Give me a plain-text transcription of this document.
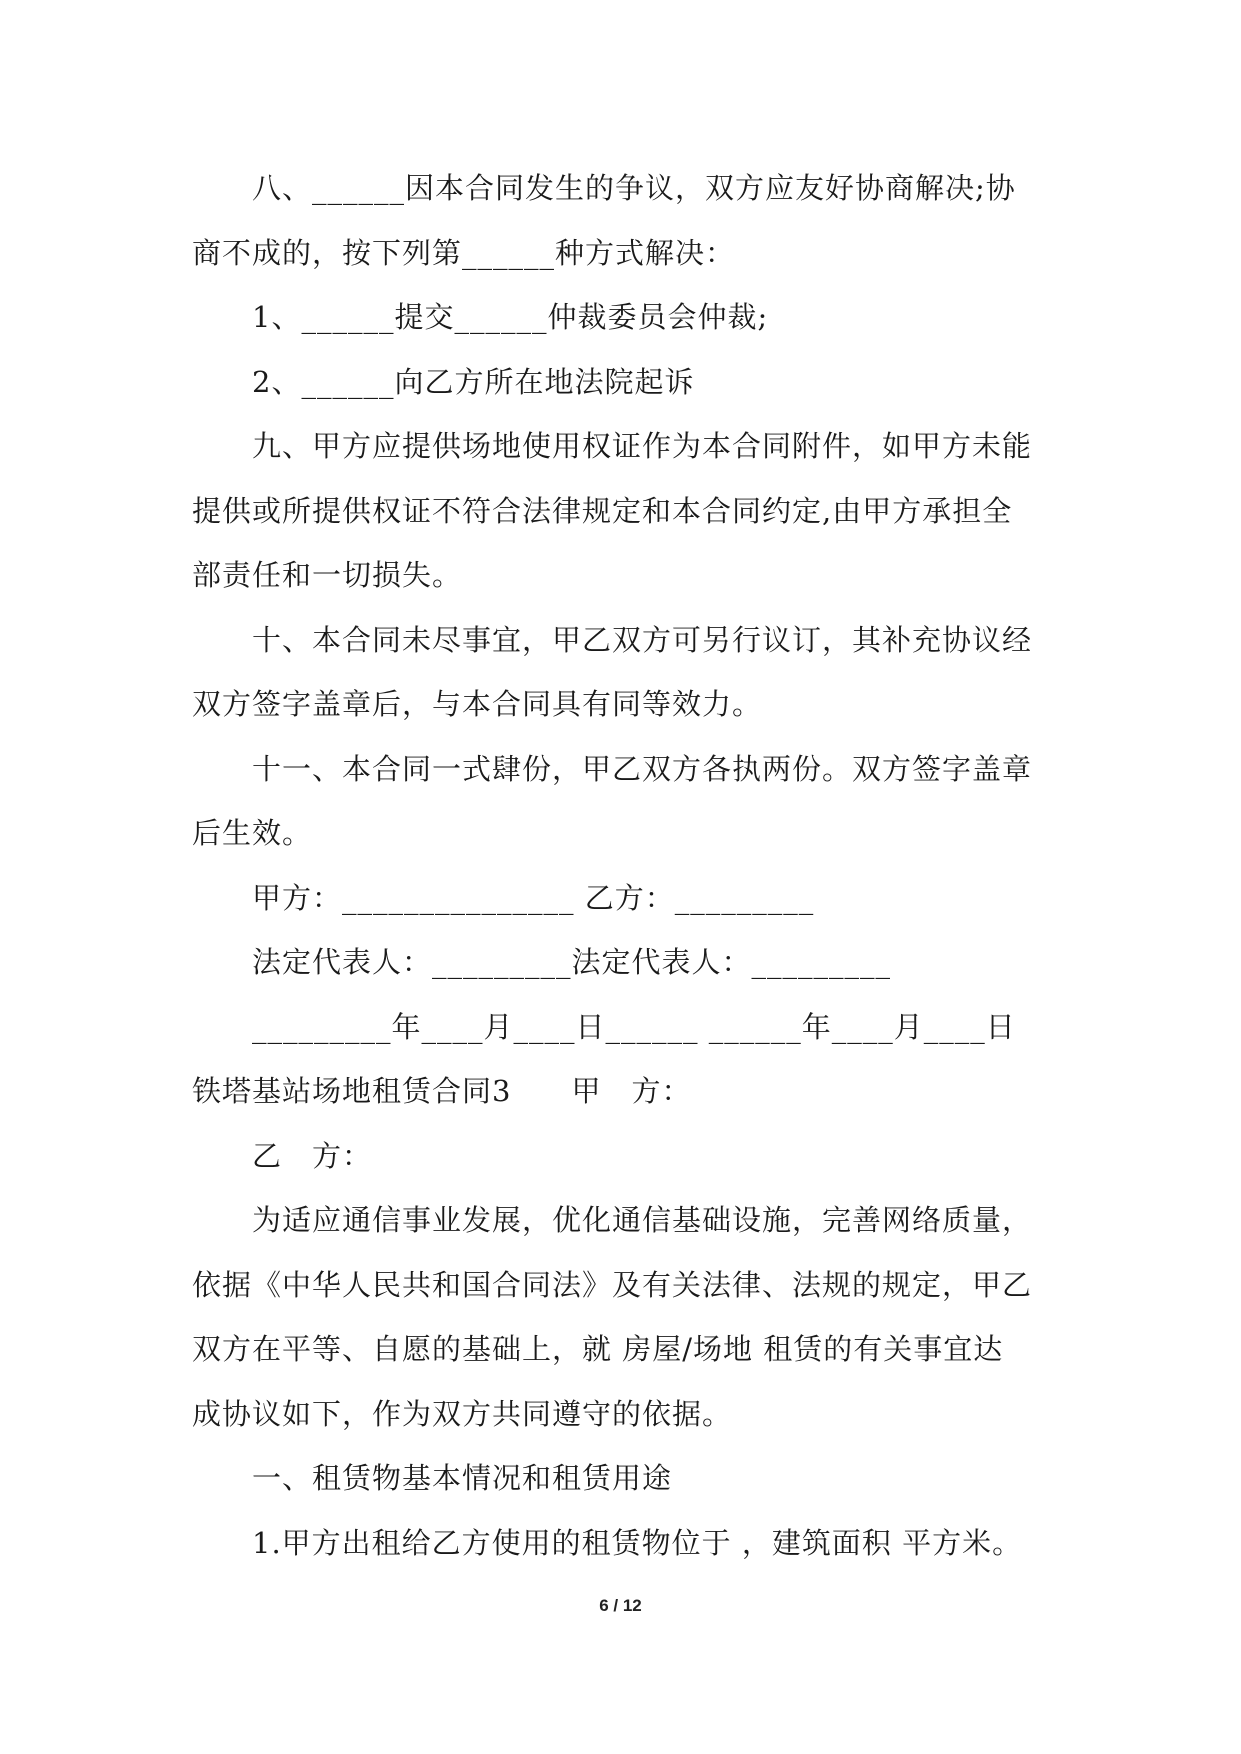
八、______因本合同发生的争议，双方应友好协商解决;协

商不成的，按下列第______种方式解决：

1、______提交______仲裁委员会仲裁;

2、______向乙方所在地法院起诉

九、甲方应提供场地使用权证作为本合同附件，如甲方未能

提供或所提供权证不符合法律规定和本合同约定,由甲方承担全

部责任和一切损失。

十、本合同未尽事宜，甲乙双方可另行议订，其补充协议经

双方签字盖章后，与本合同具有同等效力。

十一、本合同一式肆份，甲乙双方各执两份。双方签字盖章

后生效。

甲方：_______________ 乙方：_________

法定代表人：_________法定代表人：_________

_________年____月____日______ ______年____月____日

铁塔基站场地租赁合同3　　甲　方：

乙　方：

为适应通信事业发展，优化通信基础设施，完善网络质量，

依据《中华人民共和国合同法》及有关法律、法规的规定，甲乙

双方在平等、自愿的基础上，就 房屋/场地 租赁的有关事宜达

成协议如下，作为双方共同遵守的依据。

一、租赁物基本情况和租赁用途

1.甲方出租给乙方使用的租赁物位于 ，建筑面积 平方米。

6 / 12
